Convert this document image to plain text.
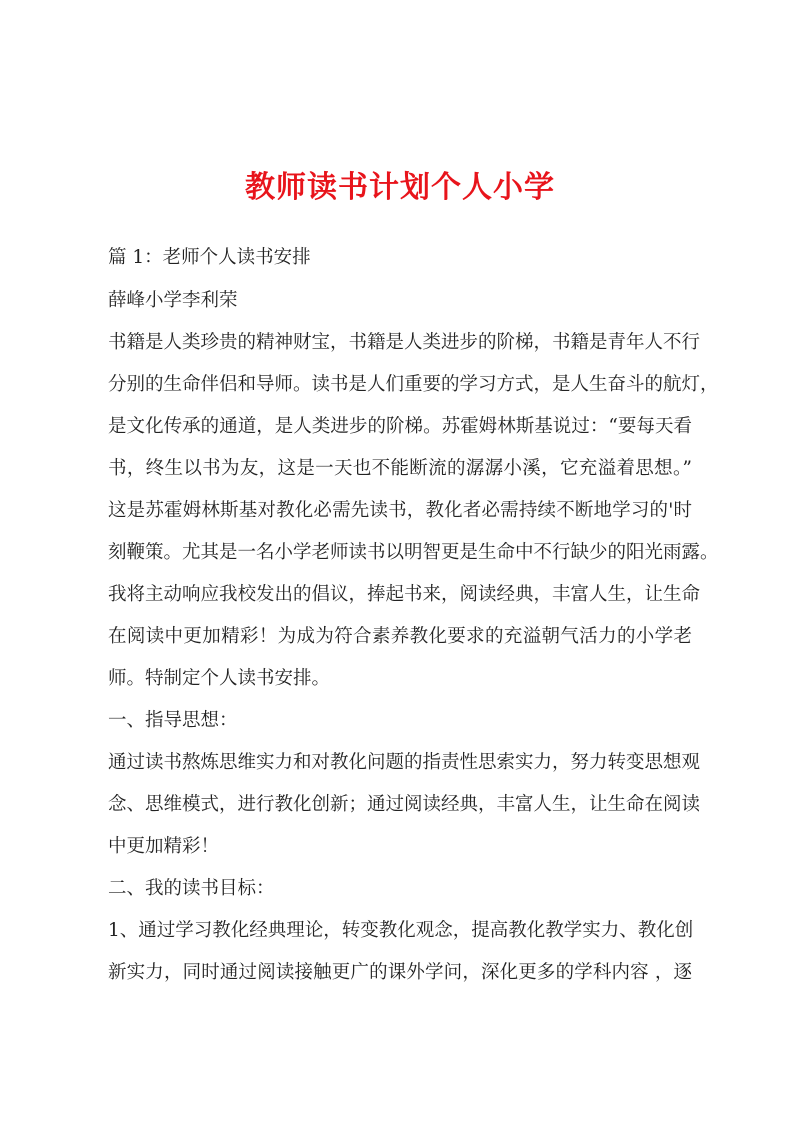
教师读书计划个人小学
篇 1：老师个人读书安排
薛峰小学李利荣
书籍是人类珍贵的精神财宝，书籍是人类进步的阶梯，书籍是青年人不行
分别的生命伴侣和导师。读书是人们重要的学习方式，是人生奋斗的航灯，
是文化传承的通道，是人类进步的阶梯。苏霍姆林斯基说过：“要每天看
书，终生以书为友，这是一天也不能断流的潺潺小溪，它充溢着思想。”
这是苏霍姆林斯基对教化必需先读书，教化者必需持续不断地学习的'时
刻鞭策。尤其是一名小学老师读书以明智更是生命中不行缺少的阳光雨露。
我将主动响应我校发出的倡议，捧起书来，阅读经典，丰富人生，让生命
在阅读中更加精彩！为成为符合素养教化要求的充溢朝气活力的小学老
师。特制定个人读书安排。
一、指导思想：
通过读书熬炼思维实力和对教化问题的指责性思索实力，努力转变思想观
念、思维模式，进行教化创新；通过阅读经典，丰富人生，让生命在阅读
中更加精彩！
二、我的读书目标：
1、通过学习教化经典理论，转变教化观念，提高教化教学实力、教化创
新实力，同时通过阅读接触更广的课外学问，深化更多的学科内容 ，逐
